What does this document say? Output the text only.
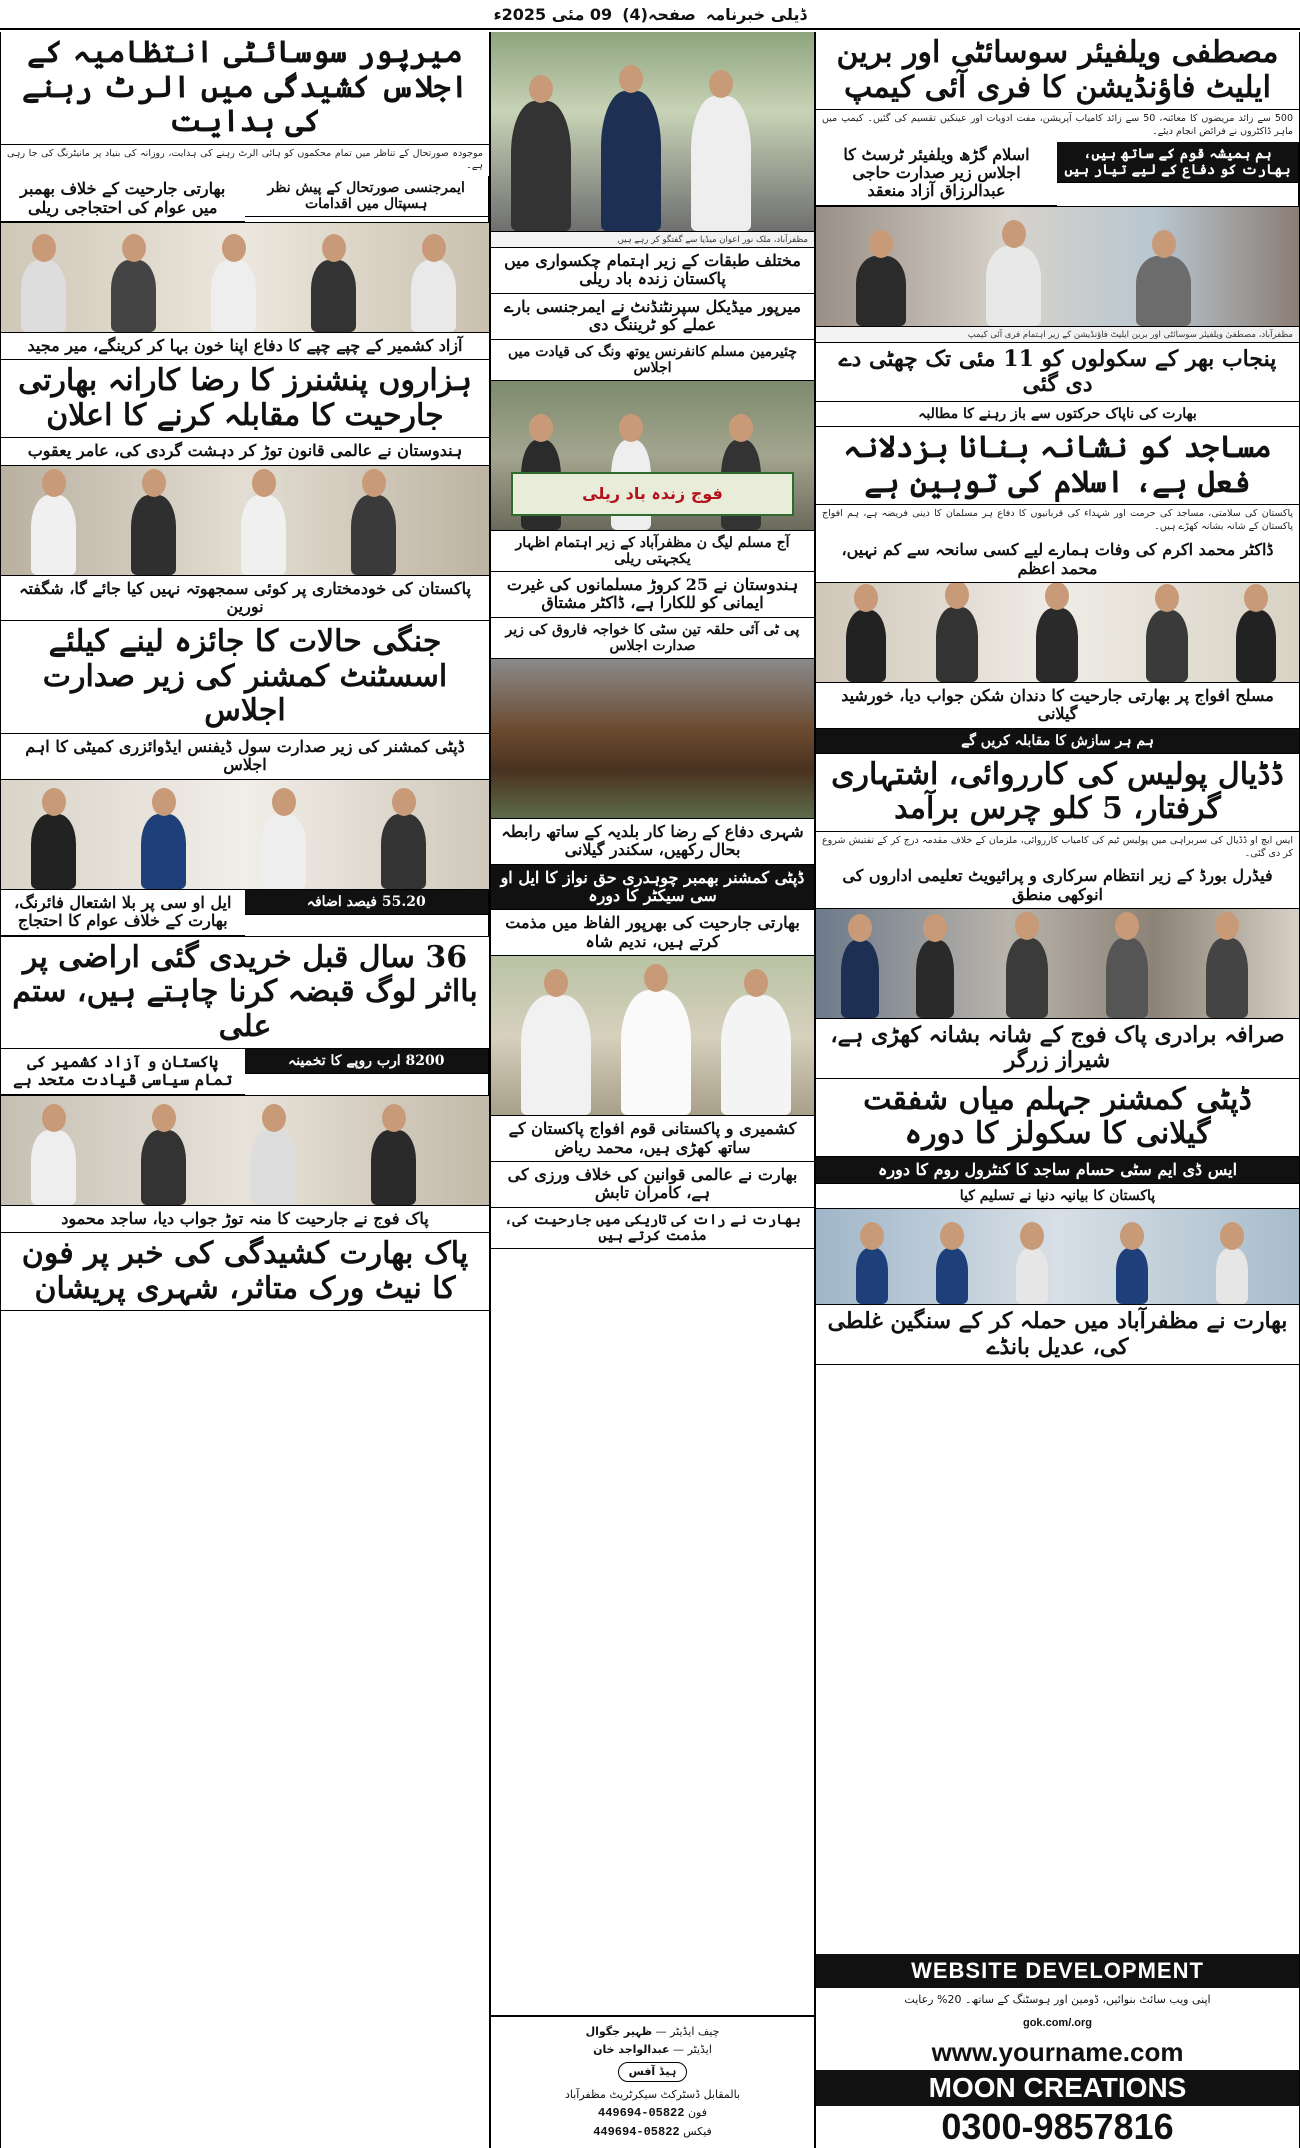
ڈیلی خبرنامہ
صفحہ(4)
09 مئی 2025ء
مصطفی ویلفیئر سوسائٹی اور برین ایلیٹ فاؤنڈیشن کا فری آئی کیمپ
500 سے زائد مریضوں کا معائنہ، 50 سے زائد کامیاب آپریشن، مفت ادویات اور عینکیں تقسیم کی گئیں۔ کیمپ میں ماہر ڈاکٹروں نے فرائض انجام دیئے۔
اسلام گڑھ ویلفیئر ٹرسٹ کا اجلاس زیر صدارت حاجی عبدالرزاق آزاد منعقد
ہم ہمیشہ قوم کے ساتھ ہیں، بھارت کو دفاع کے لیے تیار ہیں
مظفرآباد، مصطفیٰ ویلفیئر سوسائٹی اور برین ایلیٹ فاؤنڈیشن کے زیر اہتمام فری آئی کیمپ
پنجاب بھر کے سکولوں کو 11 مئی تک چھٹی دے دی گئی
بھارت کی ناپاک حرکتوں سے باز رہنے کا مطالبہ
مساجد کو نشانہ بنانا بزدلانہ فعل ہے، اسلام کی توہین ہے
پاکستان کی سلامتی، مساجد کی حرمت اور شہداء کی قربانیوں کا دفاع ہر مسلمان کا دینی فریضہ ہے، ہم افواج پاکستان کے شانہ بشانہ کھڑے ہیں۔
ڈاکٹر محمد اکرم کی وفات ہمارے لیے کسی سانحہ سے کم نہیں، محمد اعظم
مسلح افواج پر بھارتی جارحیت کا دندان شکن جواب دیا، خورشید گیلانی
ہم ہر سازش کا مقابلہ کریں گے
ڈڈیال پولیس کی کارروائی، اشتہاری گرفتار، 5 کلو چرس برآمد
ایس ایچ او ڈڈیال کی سربراہی میں پولیس ٹیم کی کامیاب کارروائی، ملزمان کے خلاف مقدمہ درج کر کے تفتیش شروع کر دی گئی۔
فیڈرل بورڈ کے زیر انتظام سرکاری و پرائیویٹ تعلیمی اداروں کی انوکھی منطق
صرافہ برادری پاک فوج کے شانہ بشانہ کھڑی ہے، شیراز زرگر
ڈپٹی کمشنر جہلم میاں شفقت گیلانی کا سکولز کا دورہ
ایس ڈی ایم سٹی حسام ساجد کا کنٹرول روم کا دورہ
پاکستان کا بیانیہ دنیا نے تسلیم کیا
بھارت نے مظفرآباد میں حملہ کر کے سنگین غلطی کی، عدیل بانڈے
WEBSITE DEVELOPMENT
اپنی ویب سائٹ بنوائیں، ڈومین اور ہوسٹنگ کے ساتھ۔ 20% رعایت
gok.com/.org
www.yourname.com
MOON CREATIONS
0300-9857816
مظفرآباد، ملک نور اعوان میڈیا سے گفتگو کر رہے ہیں
مختلف طبقات کے زیر اہتمام چکسواری میں پاکستان زندہ باد ریلی
میرپور میڈیکل سپرنٹنڈنٹ نے ایمرجنسی بارے عملے کو ٹریننگ دی
چئیرمین مسلم کانفرنس یوتھ ونگ کی قیادت میں اجلاس
فوج زندہ باد ریلی
آج مسلم لیگ ن مظفرآباد کے زیر اہتمام اظہار یکجہتی ریلی
ہندوستان نے 25 کروڑ مسلمانوں کی غیرت ایمانی کو للکارا ہے، ڈاکٹر مشتاق
پی ٹی آئی حلقہ تین سٹی کا خواجہ فاروق کی زیر صدارت اجلاس
شہری دفاع کے رضا کار بلدیہ کے ساتھ رابطہ بحال رکھیں، سکندر گیلانی
ڈپٹی کمشنر بھمبر چوہدری حق نواز کا ایل او سی سیکٹر کا دورہ
بھارتی جارحیت کی بھرپور الفاظ میں مذمت کرتے ہیں، ندیم شاہ
کشمیری و پاکستانی قوم افواج پاکستان کے ساتھ کھڑی ہیں، محمد ریاض
بھارت نے عالمی قوانین کی خلاف ورزی کی ہے، کامران تابش
بھارت نے رات کی تاریکی میں جارحیت کی، مذمت کرتے ہیں
چیف ایڈیٹر — ظہیر جگوال
ایڈیٹر — عبدالواجد خان
ہیڈ آفس
بالمقابل ڈسٹرکٹ سیکرٹریٹ مظفرآباد
فون 05822-449694
فیکس 05822-449694
میرپور سوسائٹی انتظامیہ کے اجلاس کشیدگی میں الرٹ رہنے کی ہدایت
موجودہ صورتحال کے تناظر میں تمام محکموں کو ہائی الرٹ رہنے کی ہدایت، روزانہ کی بنیاد پر مانیٹرنگ کی جا رہی ہے۔
بھارتی جارحیت کے خلاف بھمبر میں عوام کی احتجاجی ریلی
ایمرجنسی صورتحال کے پیش نظر ہسپتال میں اقدامات
آزاد کشمیر کے چپے چپے کا دفاع اپنا خون بہا کر کرینگے، میر مجید
ہزاروں پنشنرز کا رضا کارانہ بھارتی جارحیت کا مقابلہ کرنے کا اعلان
ہندوستان نے عالمی قانون توڑ کر دہشت گردی کی، عامر یعقوب
پاکستان کی خودمختاری پر کوئی سمجھوتہ نہیں کیا جائے گا، شگفتہ نورین
جنگی حالات کا جائزہ لینے کیلئے اسسٹنٹ کمشنر کی زیر صدارت اجلاس
ڈپٹی کمشنر کی زیر صدارت سول ڈیفنس ایڈوائزری کمیٹی کا اہم اجلاس
ایل او سی پر بلا اشتعال فائرنگ، بھارت کے خلاف عوام کا احتجاج
55.20 فیصد اضافہ
36 سال قبل خریدی گئی اراضی پر بااثر لوگ قبضہ کرنا چاہتے ہیں، ستم علی
پاکستان و آزاد کشمیر کی تمام سیاسی قیادت متحد ہے
8200 ارب روپے کا تخمینہ
پاک فوج نے جارحیت کا منہ توڑ جواب دیا، ساجد محمود
پاک بھارت کشیدگی کی خبر پر فون کا نیٹ ورک متاثر، شہری پریشان
